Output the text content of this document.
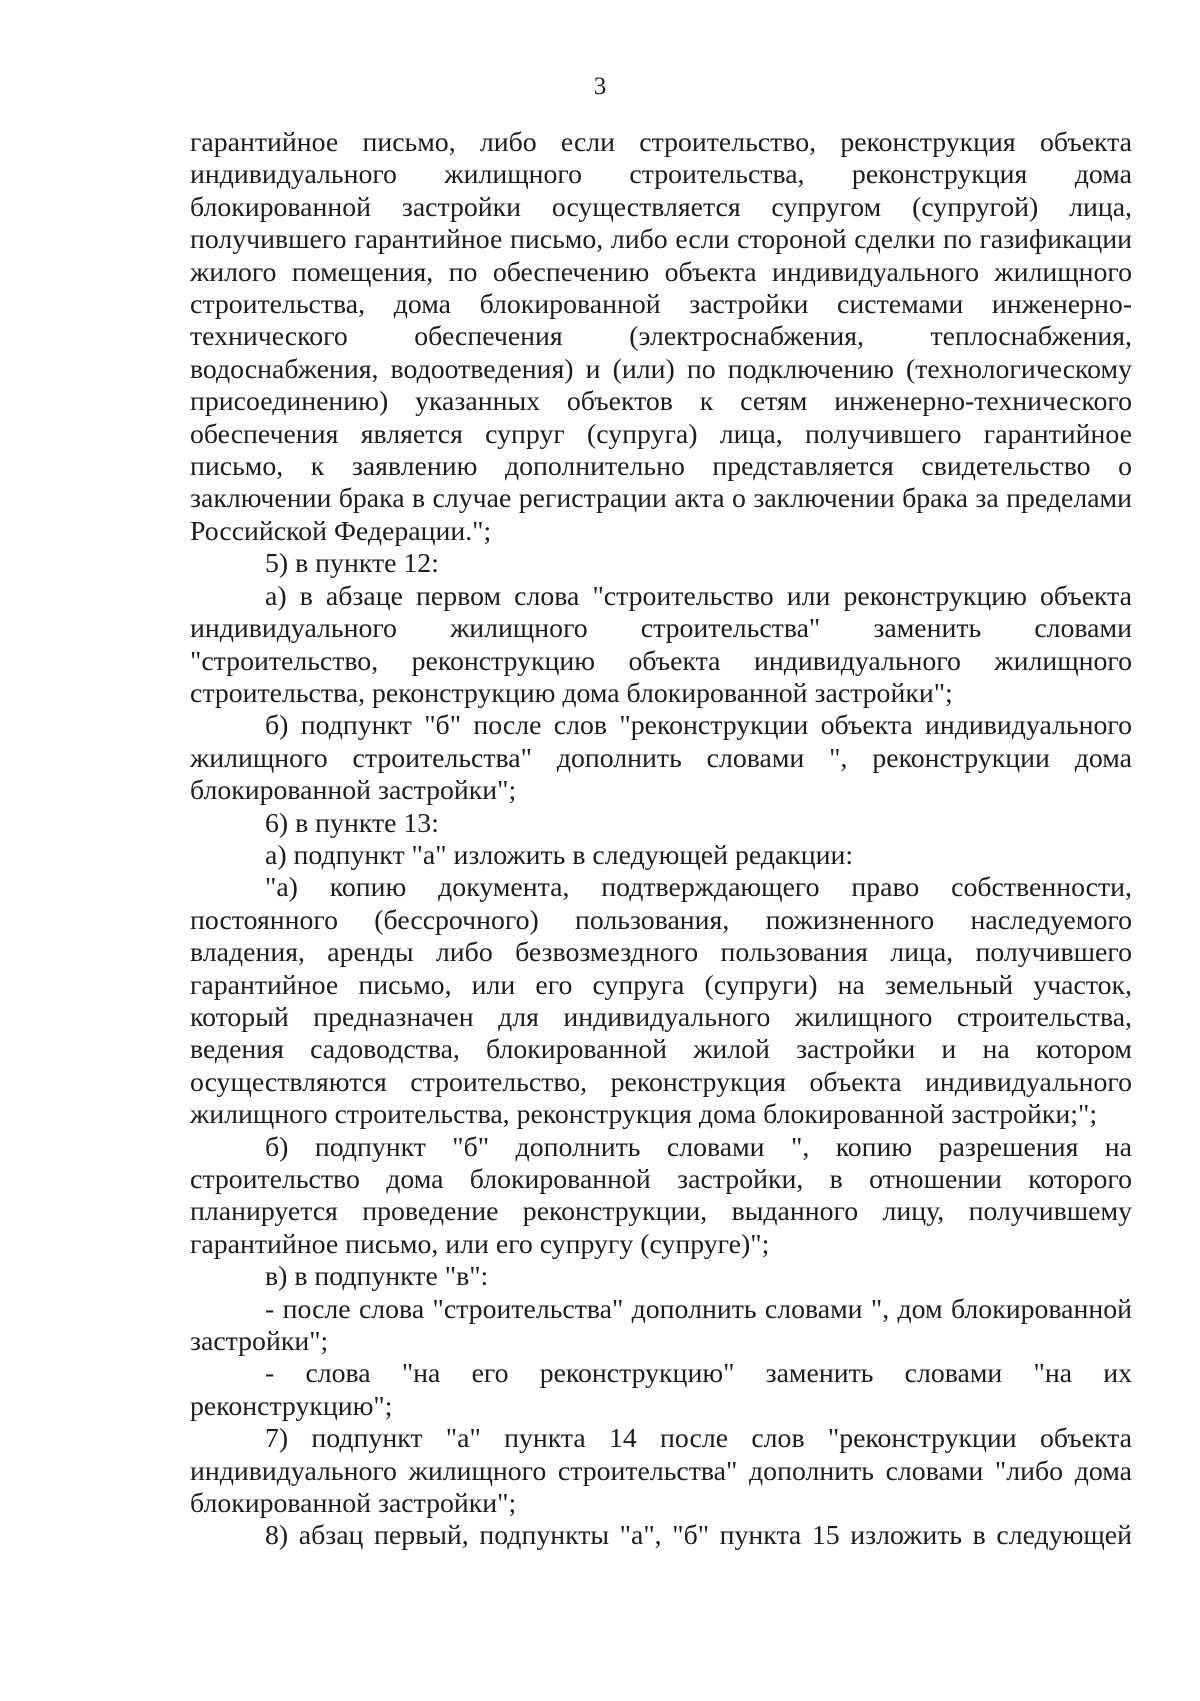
3

гарантийное письмо, либо если строительство, реконструкция объекта индивидуального жилищного строительства, реконструкция дома блокированной застройки осуществляется супругом (супругой) лица, получившего гарантийное письмо, либо если стороной сделки по газификации жилого помещения, по обеспечению объекта индивидуального жилищного строительства, дома блокированной застройки системами инженерно-технического обеспечения (электроснабжения, теплоснабжения, водоснабжения, водоотведения) и (или) по подключению (технологическому присоединению) указанных объектов к сетям инженерно-технического обеспечения является супруг (супруга) лица, получившего гарантийное письмо, к заявлению дополнительно представляется свидетельство о заключении брака в случае регистрации акта о заключении брака за пределами Российской Федерации.";

5) в пункте 12:

а) в абзаце первом слова "строительство или реконструкцию объекта индивидуального жилищного строительства" заменить словами "строительство, реконструкцию объекта индивидуального жилищного строительства, реконструкцию дома блокированной застройки";

б) подпункт "б" после слов "реконструкции объекта индивидуального жилищного строительства" дополнить словами ", реконструкции дома блокированной застройки";

6) в пункте 13:

а) подпункт "а" изложить в следующей редакции:

"а) копию документа, подтверждающего право собственности, постоянного (бессрочного) пользования, пожизненного наследуемого владения, аренды либо безвозмездного пользования лица, получившего гарантийное письмо, или его супруга (супруги) на земельный участок, который предназначен для индивидуального жилищного строительства, ведения садоводства, блокированной жилой застройки и на котором осуществляются строительство, реконструкция объекта индивидуального жилищного строительства, реконструкция дома блокированной застройки;";

б) подпункт "б" дополнить словами ", копию разрешения на строительство дома блокированной застройки, в отношении которого планируется проведение реконструкции, выданного лицу, получившему гарантийное письмо, или его супругу (супруге)";

в) в подпункте "в":

- после слова "строительства" дополнить словами ", дом блокированной застройки";

- слова "на его реконструкцию" заменить словами "на их реконструкцию";

7) подпункт "а" пункта 14 после слов "реконструкции объекта индивидуального жилищного строительства" дополнить словами "либо дома блокированной застройки";

8) абзац первый, подпункты "а", "б" пункта 15 изложить в следующей
